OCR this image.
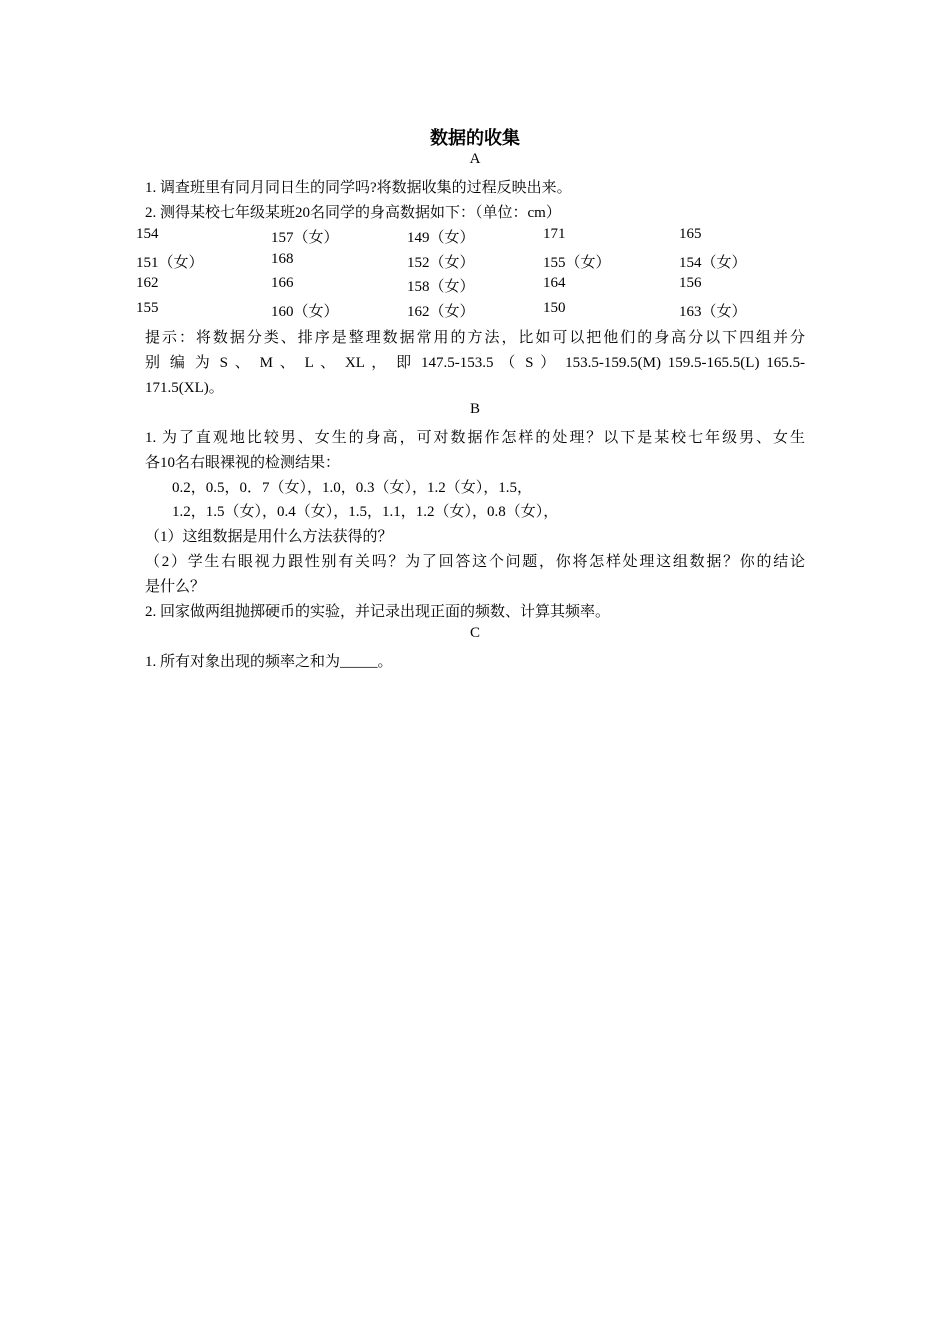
数据的收集
A
1. 调查班里有同月同日生的同学吗?将数据收集的过程反映出来。
2. 测得某校七年级某班20名同学的身高数据如下：（单位：cm）
154	157（女）	149（女）	171	165
151（女）	168	152（女）	155（女）	154（女）
162	166	158（女）	164	156
155	160（女）	162（女）	150	163（女）
提示：将数据分类、排序是整理数据常用的方法，比如可以把他们的身高分以下四组并分
别 编 为 S 、 M 、 L 、 XL ， 即 147.5-153.5 （ S ） 153.5-159.5(M) 159.5-165.5(L) 165.5-
171.5(XL)。
B
1. 为了直观地比较男、女生的身高，可对数据作怎样的处理？以下是某校七年级男、女生
各10名右眼裸视的检测结果：
0.2，0.5，0．7（女），1.0，0.3（女），1.2（女），1.5，
1.2，1.5（女），0.4（女），1.5，1.1，1.2（女），0.8（女），
（1）这组数据是用什么方法获得的？
（2）学生右眼视力跟性别有关吗？为了回答这个问题，你将怎样处理这组数据？你的结论
是什么？
2. 回家做两组抛掷硬币的实验，并记录出现正面的频数、计算其频率。
C
1. 所有对象出现的频率之和为_____。
